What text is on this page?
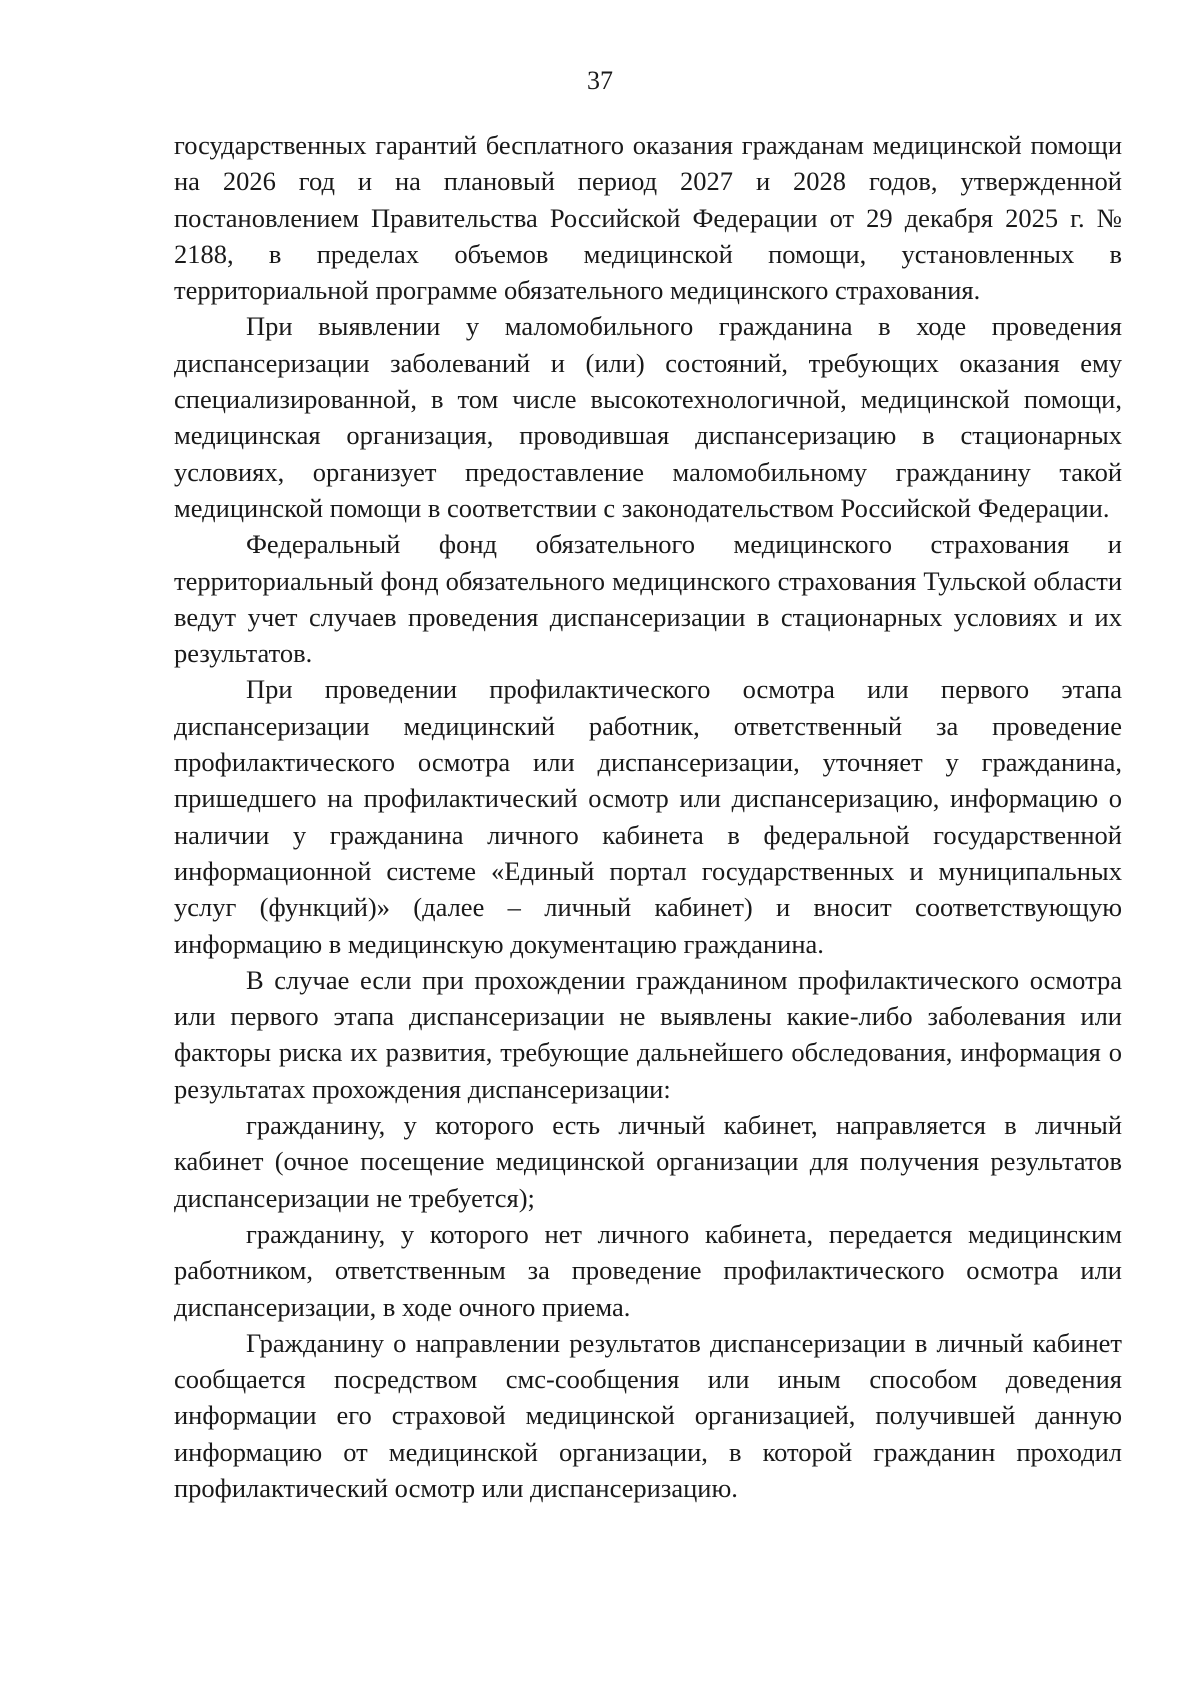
37

государственных гарантий бесплатного оказания гражданам медицинской помощи на 2026 год и на плановый период 2027 и 2028 годов, утвержденной постановлением Правительства Российской Федерации от 29 декабря 2025 г. № 2188, в пределах объемов медицинской помощи, установленных в территориальной программе обязательного медицинского страхования.

При выявлении у маломобильного гражданина в ходе проведения диспансеризации заболеваний и (или) состояний, требующих оказания ему специализированной, в том числе высокотехнологичной, медицинской помощи, медицинская организация, проводившая диспансеризацию в стационарных условиях, организует предоставление маломобильному гражданину такой медицинской помощи в соответствии с законодательством Российской Федерации.

Федеральный фонд обязательного медицинского страхования и территориальный фонд обязательного медицинского страхования Тульской области ведут учет случаев проведения диспансеризации в стационарных условиях и их результатов.

При проведении профилактического осмотра или первого этапа диспансеризации медицинский работник, ответственный за проведение профилактического осмотра или диспансеризации, уточняет у гражданина, пришедшего на профилактический осмотр или диспансеризацию, информацию о наличии у гражданина личного кабинета в федеральной государственной информационной системе «Единый портал государственных и муниципальных услуг (функций)» (далее – личный кабинет) и вносит соответствующую информацию в медицинскую документацию гражданина.

В случае если при прохождении гражданином профилактического осмотра или первого этапа диспансеризации не выявлены какие-либо заболевания или факторы риска их развития, требующие дальнейшего обследования, информация о результатах прохождения диспансеризации:

гражданину, у которого есть личный кабинет, направляется в личный кабинет (очное посещение медицинской организации для получения результатов диспансеризации не требуется);

гражданину, у которого нет личного кабинета, передается медицинским работником, ответственным за проведение профилактического осмотра или диспансеризации, в ходе очного приема.

Гражданину о направлении результатов диспансеризации в личный кабинет сообщается посредством смс-сообщения или иным способом доведения информации его страховой медицинской организацией, получившей данную информацию от медицинской организации, в которой гражданин проходил профилактический осмотр или диспансеризацию.
